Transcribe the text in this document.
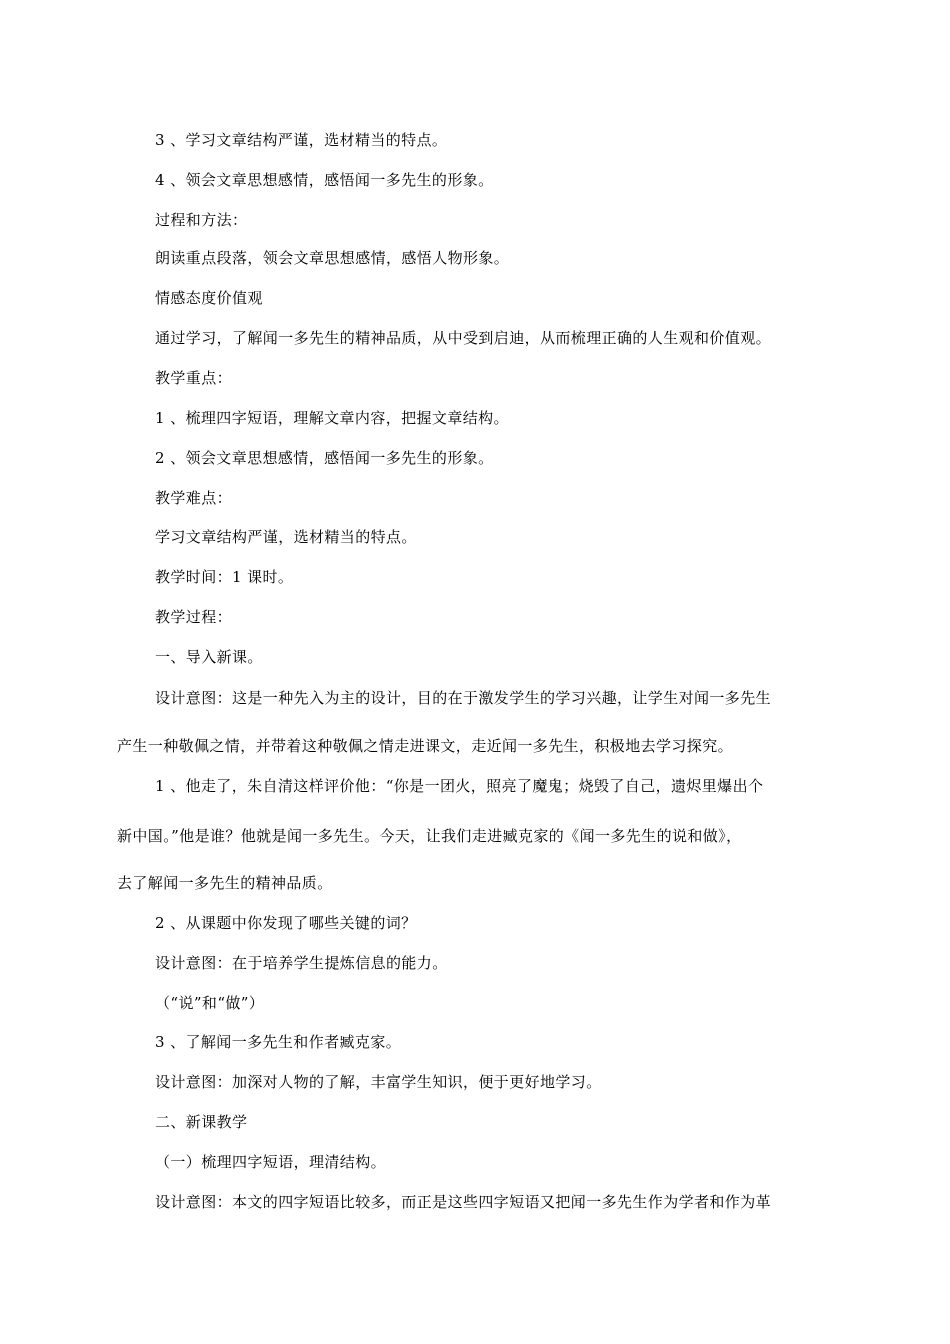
3 、学习文章结构严谨，选材精当的特点。
4 、领会文章思想感情，感悟闻一多先生的形象。
过程和方法：
朗读重点段落，领会文章思想感情，感悟人物形象。
情感态度价值观
通过学习，了解闻一多先生的精神品质，从中受到启迪，从而梳理正确的人生观和价值观。
教学重点：
1 、梳理四字短语，理解文章内容，把握文章结构。
2 、领会文章思想感情，感悟闻一多先生的形象。
教学难点：
学习文章结构严谨，选材精当的特点。
教学时间：1 课时。
教学过程：
一、导入新课。
设计意图：这是一种先入为主的设计，目的在于激发学生的学习兴趣，让学生对闻一多先生
产生一种敬佩之情，并带着这种敬佩之情走进课文，走近闻一多先生，积极地去学习探究。
1 、他走了，朱自清这样评价他：“你是一团火，照亮了魔鬼；烧毁了自己，遗烬里爆出个
新中国。”他是谁？他就是闻一多先生。今天，让我们走进臧克家的《闻一多先生的说和做》，
去了解闻一多先生的精神品质。
2 、从课题中你发现了哪些关键的词？
设计意图：在于培养学生提炼信息的能力。
（“说”和“做”）
3 、了解闻一多先生和作者臧克家。
设计意图：加深对人物的了解，丰富学生知识，便于更好地学习。
二、新课教学
（一）梳理四字短语，理清结构。
设计意图：本文的四字短语比较多，而正是这些四字短语又把闻一多先生作为学者和作为革
